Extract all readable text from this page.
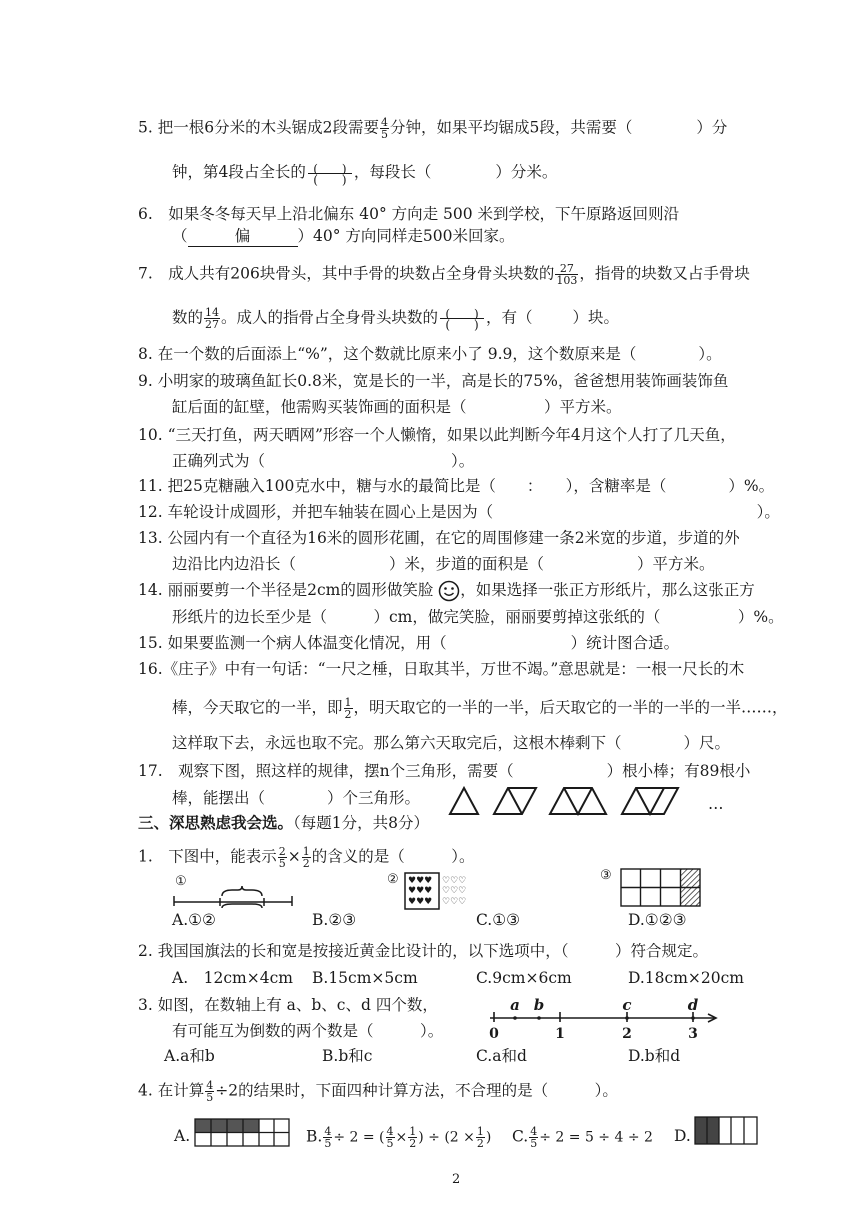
5. 把一根6分米的木头锯成2段需要 $\frac{4}{5}$ 分钟，如果平均锯成5段，共需要（	）分
钟，第4段占全长的 (　　)
(　　) ，每段长（	）分米。
6.　如果冬冬每天早上沿北偏东 40° 方向走 500 米到学校，下午原路返回则沿
（	偏	）40° 方向同样走500米回家。
7.　成人共有206块骨头，其中手骨的块数占全身骨头块数的 $\frac{27}{103}$ ，指骨的块数又占手骨块
数的 $\frac{14}{27}$ 。成人的指骨占全身骨头块数的 (　　)
(　　) ，有（	）块。
8. 在一个数的后面添上“%”，这个数就比原来小了 9.9，这个数原来是（　　　　）。
9. 小明家的玻璃鱼缸长0.8米，宽是长的一半，高是长的75%，爸爸想用装饰画装饰鱼
缸后面的缸壁，他需购买装饰画的面积是（　　　　　）平方米。
10. “三天打鱼，两天晒网”形容一个人懒惰，如果以此判断今年4月这个人打了几天鱼，
正确列式为（　　　　　　　　　　　　）。
11. 把25克糖融入100克水中，糖与水的最简比是（　　：　　），含糖率是（　　　　）%。
12. 车轮设计成圆形，并把车轴装在圆心上是因为（　　　　　　　　　　　　　　　　　）。
13. 公园内有一个直径为16米的圆形花圃，在它的周围修建一条2米宽的步道，步道的外
边沿比内边沿长（　　　　　　）米，步道的面积是（　　　　　　）平方米。
14. 丽丽要剪一个半径是2cm的圆形做笑脸 ，如果选择一张正方形纸片，那么这张正方
形纸片的边长至少是（　　　）cm，做完笑脸，丽丽要剪掉这张纸的（　　　　　）%。
15. 如果要监测一个病人体温变化情况，用（　　　　　　　　）统计图合适。
16.《庄子》中有一句话：“一尺之棰，日取其半，万世不竭。”意思就是：一根一尺长的木
棒，今天取它的一半，即 $\frac{1}{2}$ ，明天取它的一半的一半，后天取它的一半的一半的一半……，
这样取下去，永远也取不完。那么第六天取完后，这根木棒剩下（　　　　）尺。
17.　观察下图，照这样的规律，摆n个三角形，需要（　　　　　　）根小棒；有89根小
棒，能摆出（　　　　）个三角形。	…
三、深思熟虑我会选。（每题1分，共8分）
1.　下图中，能表示 $\frac{2}{5} \times \frac{1}{2}$ 的含义的是（　　　）。
①	② ♥♥♥
♥♥♥
♥♥♥
♡♡♡
♡♡♡
♡♡♡
③
A.①②	B.②③	C.①③	D.①②③
2. 我国国旗法的长和宽是按接近黄金比设计的，以下选项中，（　　　）符合规定。
A.　12cm×4cm B.15cm×5cm	C.9cm×6cm	D.18cm×20cm
3. 如图，在数轴上有 a、b、c、d 四个数，
有可能互为倒数的两个数是（　　　）。
a b	c	d
0	1	2	3
A.a和b	B.b和c	C.a和d	D.b和d
4. 在计算 $\frac{4}{5} \div 2$的结果时，下面四种计算方法，不合理的是（　　　）。
A.	B. $\frac{4}{5} \div 2$ = ( $\frac{4}{5} \times \frac{1}{2}$ ) ÷ ($2 \times \frac{1}{2}$ ) C. $\frac{4}{5} \div 2 = 5 \div 4 \div 2$ D.
2
